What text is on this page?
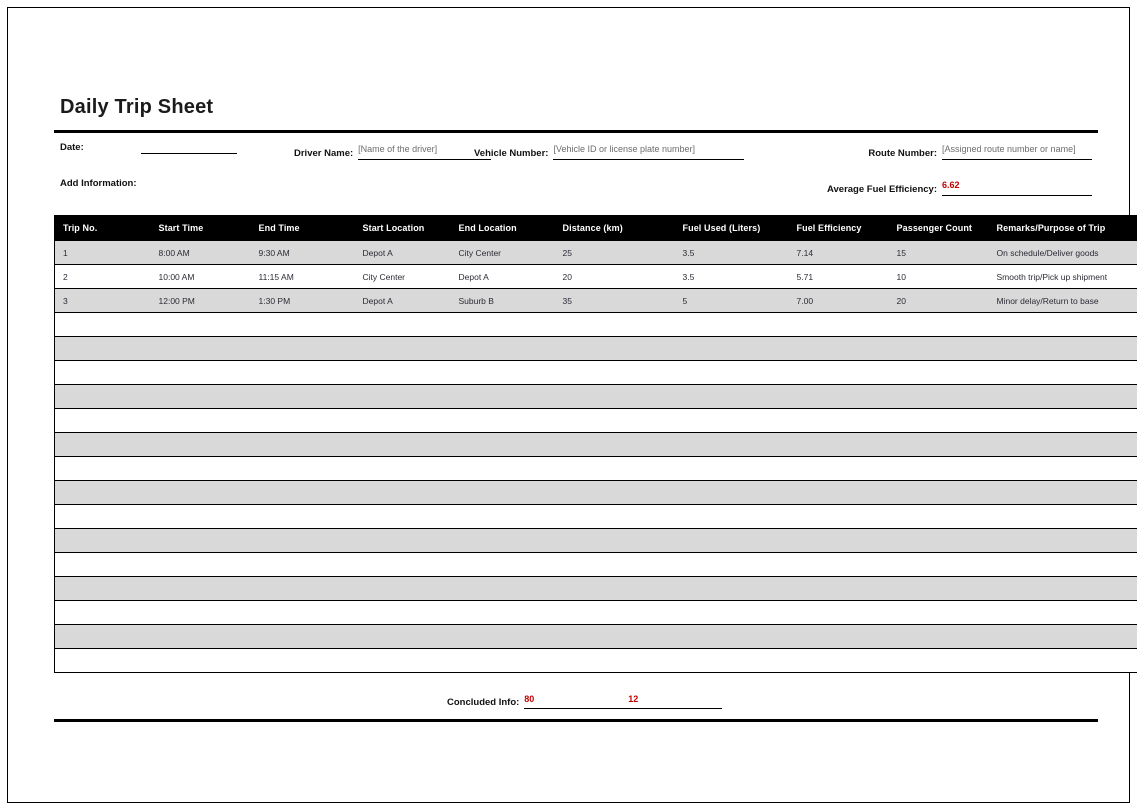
Daily Trip Sheet
Date:
Driver Name: [Name of the driver]	Vehicle Number: [Vehicle ID or license plate number]	Route Number: [Assigned route number or name]
Add Information:
Average Fuel Efficiency: 6.62
Trip No.	Start Time	End Time	Start Location	End Location	Distance (km)	Fuel Used (Liters)	Fuel Efficiency	Passenger Count	Remarks/Purpose of Trip
1	8:00 AM	9:30 AM	Depot A	City Center	25	3.5	7.14	15	On schedule/Deliver goods
2	10:00 AM	11:15 AM	City Center	Depot A	20	3.5	5.71	10	Smooth trip/Pick up shipment
3	12:00 PM	1:30 PM	Depot A	Suburb B	35	5	7.00	20	Minor delay/Return to base

Concluded Info: 80	12
